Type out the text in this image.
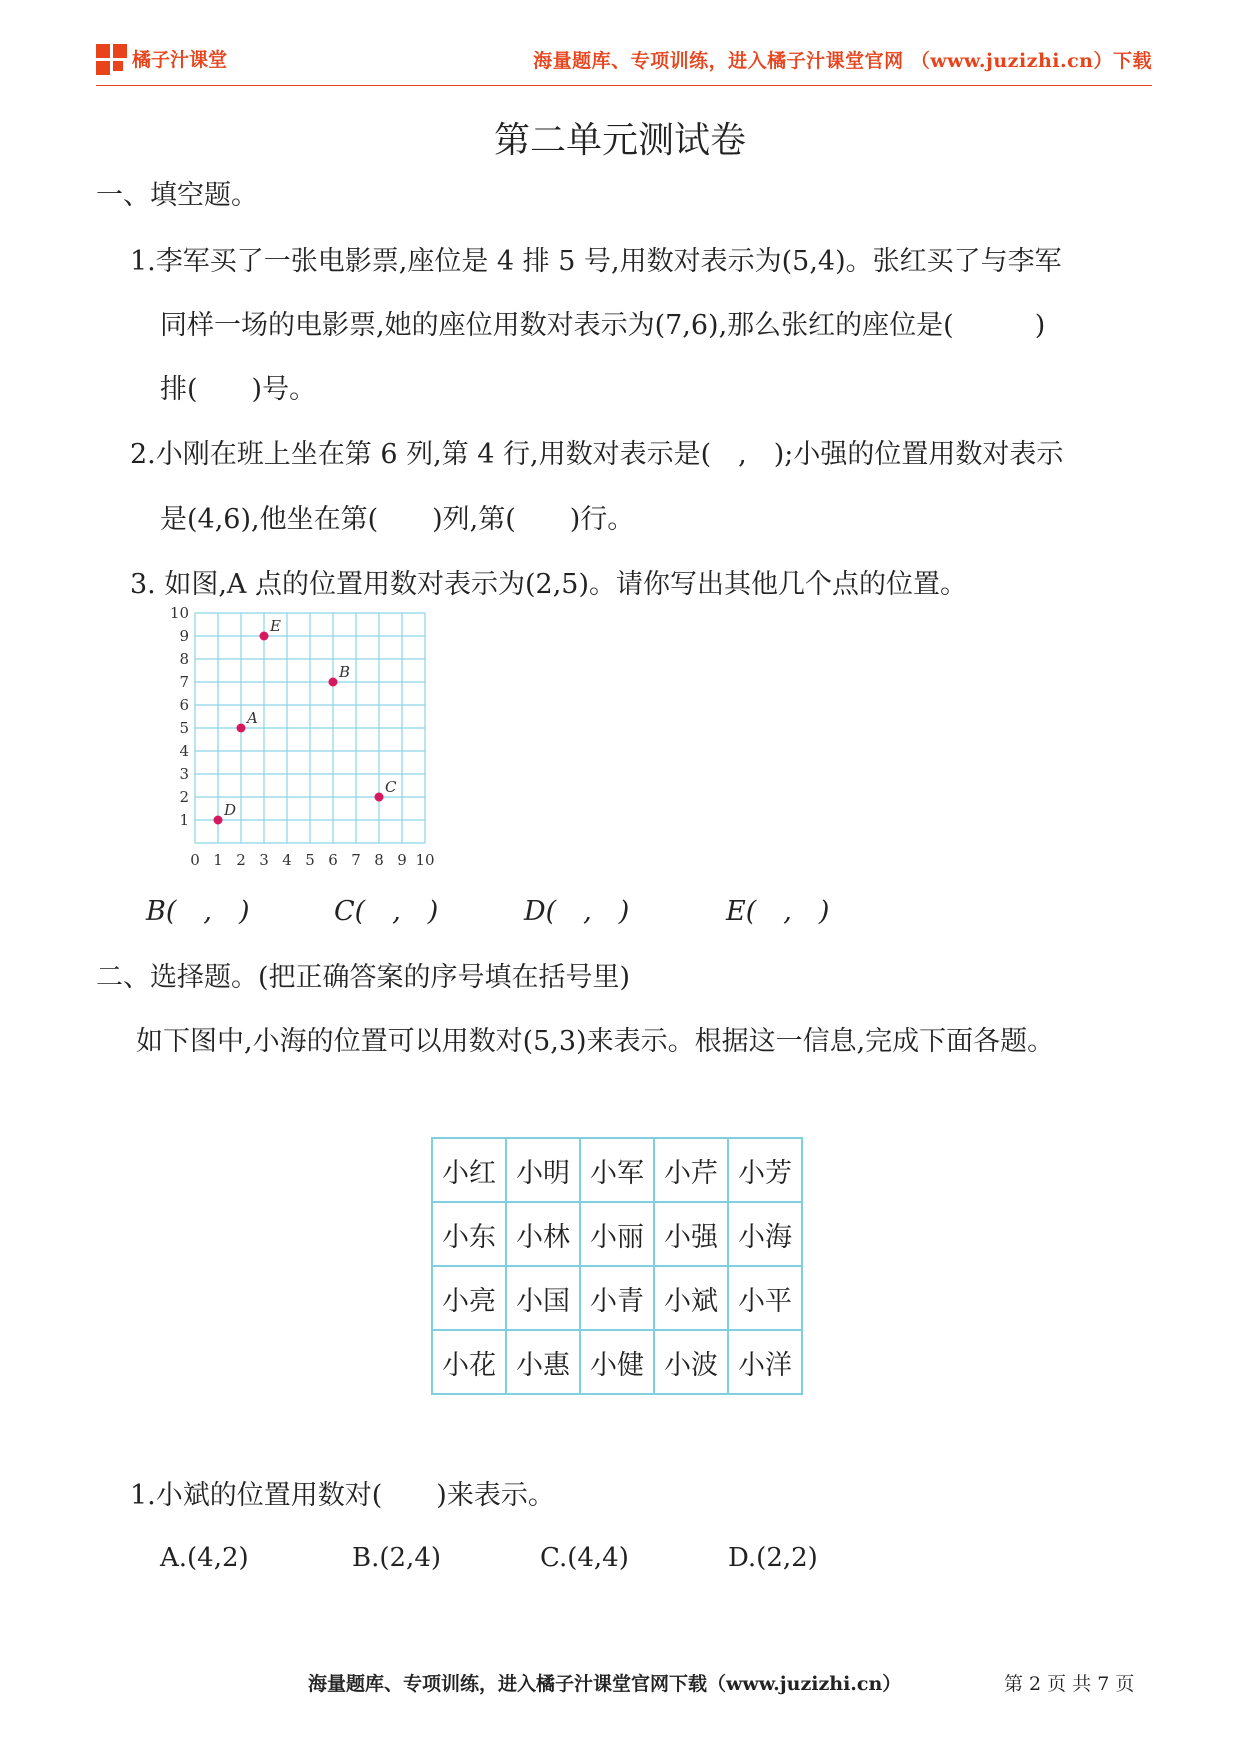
橘子汁课堂	海量题库、专项训练，进入橘子汁课堂官网 （www.juzizhi.cn）下载
第二单元测试卷
一、填空题。
1.李军买了一张电影票,座位是 4 排 5 号,用数对表示为(5,4)。张红买了与李军
同样一场的电影票,她的座位用数对表示为(7,6),那么张红的座位是(　　　)
排(　　)号。
2.小刚在班上坐在第 6 列,第 4 行,用数对表示是(　,　);小强的位置用数对表示
是(4,6),他坐在第(　　)列,第(　　)行。
3. 如图,A 点的位置用数对表示为(2,5)。请你写出其他几个点的位置。
0 1 2 3 4 5 6 7 8 9 10
1
2
3
4
5
6
7
8
9
10
E
B
A
C
D
B(　,　)	C(　,　)	D(　,　)	E(　,　)
二、选择题。(把正确答案的序号填在括号里)
如下图中,小海的位置可以用数对(5,3)来表示。根据这一信息,完成下面各题。
小红	小明	小军	小芹	小芳
小东	小林	小丽	小强	小海
小亮	小国	小青	小斌	小平
小花	小惠	小健	小波	小洋
1.小斌的位置用数对(　　)来表示。
A.(4,2)	B.(2,4)	C.(4,4)	D.(2,2)
海量题库、专项训练，进入橘子汁课堂官网下载（www.juzizhi.cn）	第 2 页 共 7 页
